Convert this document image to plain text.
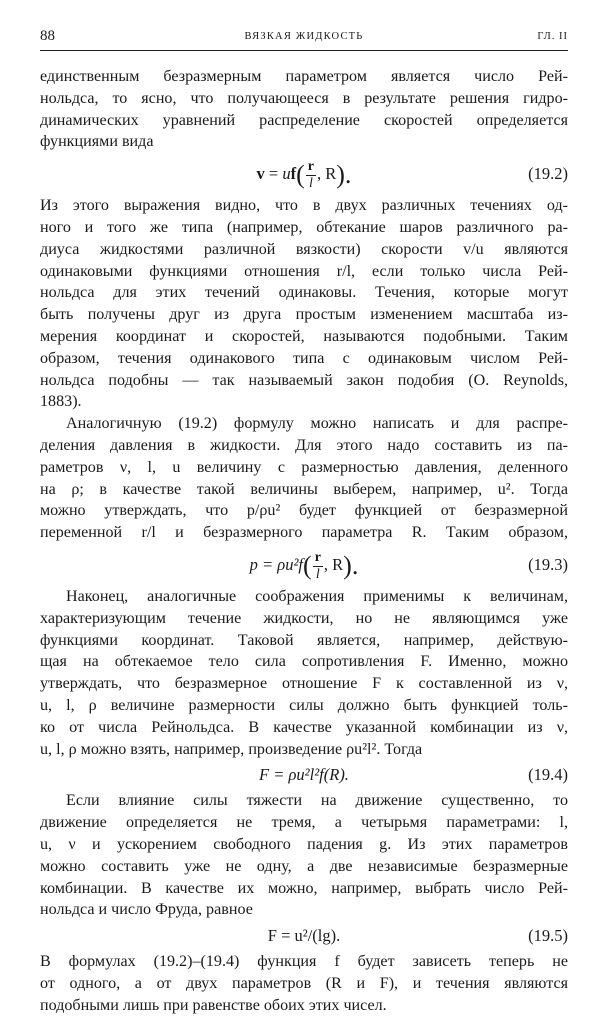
88	ВЯЗКАЯ ЖИДКОСТЬ	ГЛ. II
единственным безразмерным параметром является число Рей-
нольдса, то ясно, что получающееся в результате решения гидро-
динамических уравнений распределение скоростей определяется
функциями вида
$v = uf( \frac{r}{l}$ , R).	(19.2)
Из этого выражения видно, что в двух различных течениях од-
ного и того же типа (например, обтекание шаров различного ра-
диуса жидкостями различной вязкости) скорости v/u являются
одинаковыми функциями отношения r/l, если только числа Рей-
нольдса для этих течений одинаковы. Течения, которые могут
быть получены друг из друга простым изменением масштаба из-
мерения координат и скоростей, называются подобными. Таким
образом, течения одинакового типа с одинаковым числом Рей-
нольдса подобны — так называемый закон подобия (O. Reynolds,
1883).
Аналогичную (19.2) формулу можно написать и для распре-
деления давления в жидкости. Для этого надо составить из па-
раметров ν, l, u величину с размерностью давления, деленного
на ρ; в качестве такой величины выберем, например, u². Тогда
можно утверждать, что p/ρu² будет функцией от безразмерной
переменной r/l и безразмерного параметра R. Таким образом,
$p = \rho u^2f( \frac{r}{l}$ , R).	(19.3)
Наконец, аналогичные соображения применимы к величинам,
характеризующим течение жидкости, но не являющимся уже
функциями координат. Таковой является, например, действую-
щая на обтекаемое тело сила сопротивления F. Именно, можно
утверждать, что безразмерное отношение F к составленной из ν,
u, l, ρ величине размерности силы должно быть функцией толь-
ко от числа Рейнольдса. В качестве указанной комбинации из ν,
u, l, ρ можно взять, например, произведение ρu²l². Тогда
F = ρu²l²f(R).	(19.4)
Если влияние силы тяжести на движение существенно, то
движение определяется не тремя, а четырьмя параметрами: l,
u, ν и ускорением свободного падения g. Из этих параметров
можно составить уже не одну, а две независимые безразмерные
комбинации. В качестве их можно, например, выбрать число Рей-
нольдса и число Фруда, равное
F = u²/(lg).	(19.5)
В формулах (19.2)–(19.4) функция f будет зависеть теперь не
от одного, а от двух параметров (R и F), и течения являются
подобными лишь при равенстве обоих этих чисел.
